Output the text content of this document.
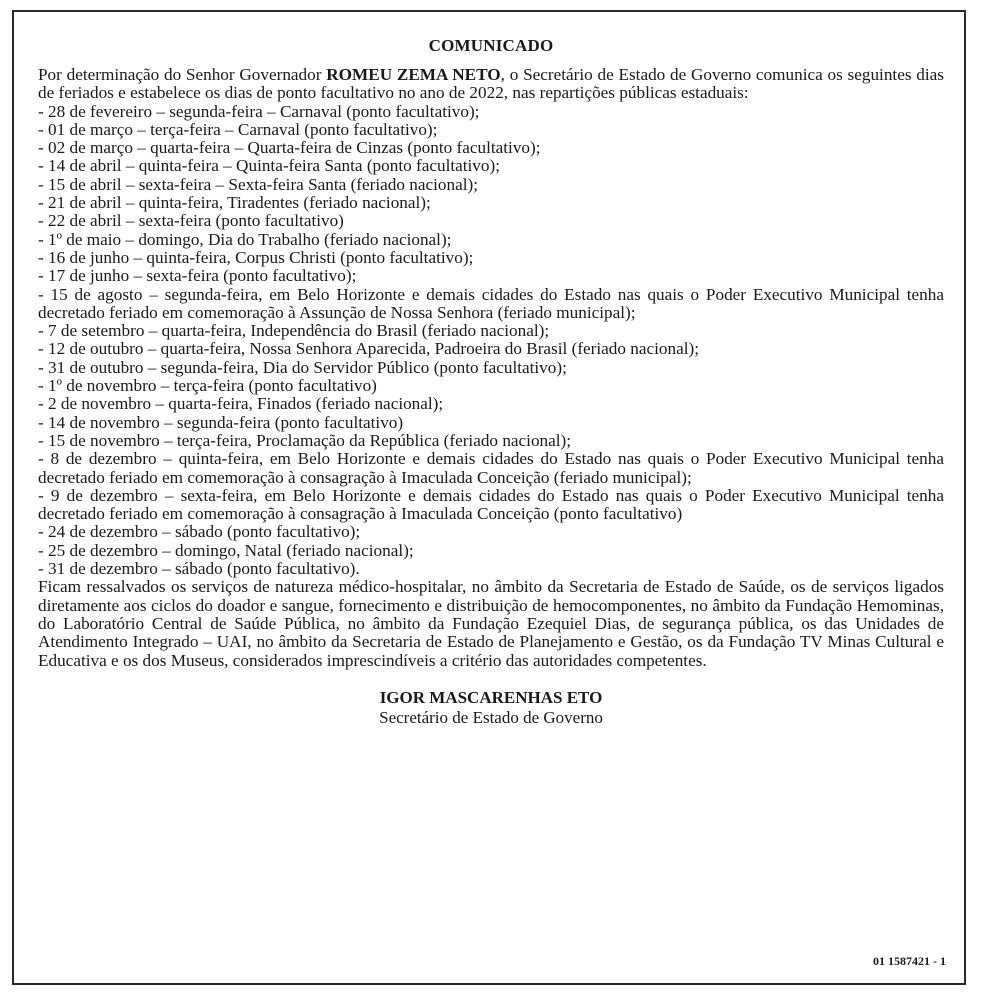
COMUNICADO

Por determinação do Senhor Governador ROMEU ZEMA NETO, o Secretário de Estado de Governo comunica os seguintes dias de feriados e estabelece os dias de ponto facultativo no ano de 2022, nas repartições públicas estaduais:

- 28 de fevereiro – segunda-feira – Carnaval (ponto facultativo);
- 01 de março – terça-feira – Carnaval (ponto facultativo);
- 02 de março – quarta-feira – Quarta-feira de Cinzas (ponto facultativo);
- 14 de abril – quinta-feira – Quinta-feira Santa (ponto facultativo);
- 15 de abril – sexta-feira – Sexta-feira Santa (feriado nacional);
- 21 de abril – quinta-feira, Tiradentes (feriado nacional);
- 22 de abril – sexta-feira (ponto facultativo)
- 1º de maio – domingo, Dia do Trabalho (feriado nacional);
- 16 de junho – quinta-feira, Corpus Christi (ponto facultativo);
- 17 de junho – sexta-feira (ponto facultativo);
- 15 de agosto – segunda-feira, em Belo Horizonte e demais cidades do Estado nas quais o Poder Executivo Municipal tenha decretado feriado em comemoração à Assunção de Nossa Senhora (feriado municipal);
- 7 de setembro – quarta-feira, Independência do Brasil (feriado nacional);
- 12 de outubro – quarta-feira, Nossa Senhora Aparecida, Padroeira do Brasil (feriado nacional);
- 31 de outubro – segunda-feira, Dia do Servidor Público (ponto facultativo);
- 1º de novembro – terça-feira (ponto facultativo)
- 2 de novembro – quarta-feira, Finados (feriado nacional);
- 14 de novembro – segunda-feira (ponto facultativo)
- 15 de novembro – terça-feira, Proclamação da República (feriado nacional);
- 8 de dezembro – quinta-feira, em Belo Horizonte e demais cidades do Estado nas quais o Poder Executivo Municipal tenha decretado feriado em comemoração à consagração à Imaculada Conceição (feriado municipal);
- 9 de dezembro – sexta-feira, em Belo Horizonte e demais cidades do Estado nas quais o Poder Executivo Municipal tenha decretado feriado em comemoração à consagração à Imaculada Conceição (ponto facultativo)
- 24 de dezembro – sábado (ponto facultativo);
- 25 de dezembro – domingo, Natal (feriado nacional);
- 31 de dezembro – sábado (ponto facultativo).

Ficam ressalvados os serviços de natureza médico-hospitalar, no âmbito da Secretaria de Estado de Saúde, os de serviços ligados diretamente aos ciclos do doador e sangue, fornecimento e distribuição de hemocomponentes, no âmbito da Fundação Hemominas, do Laboratório Central de Saúde Pública, no âmbito da Fundação Ezequiel Dias, de segurança pública, os das Unidades de Atendimento Integrado – UAI, no âmbito da Secretaria de Estado de Planejamento e Gestão, os da Fundação TV Minas Cultural e Educativa e os dos Museus, considerados imprescindíveis a critério das autoridades competentes.

IGOR MASCARENHAS ETO
Secretário de Estado de Governo
01 1587421 - 1
